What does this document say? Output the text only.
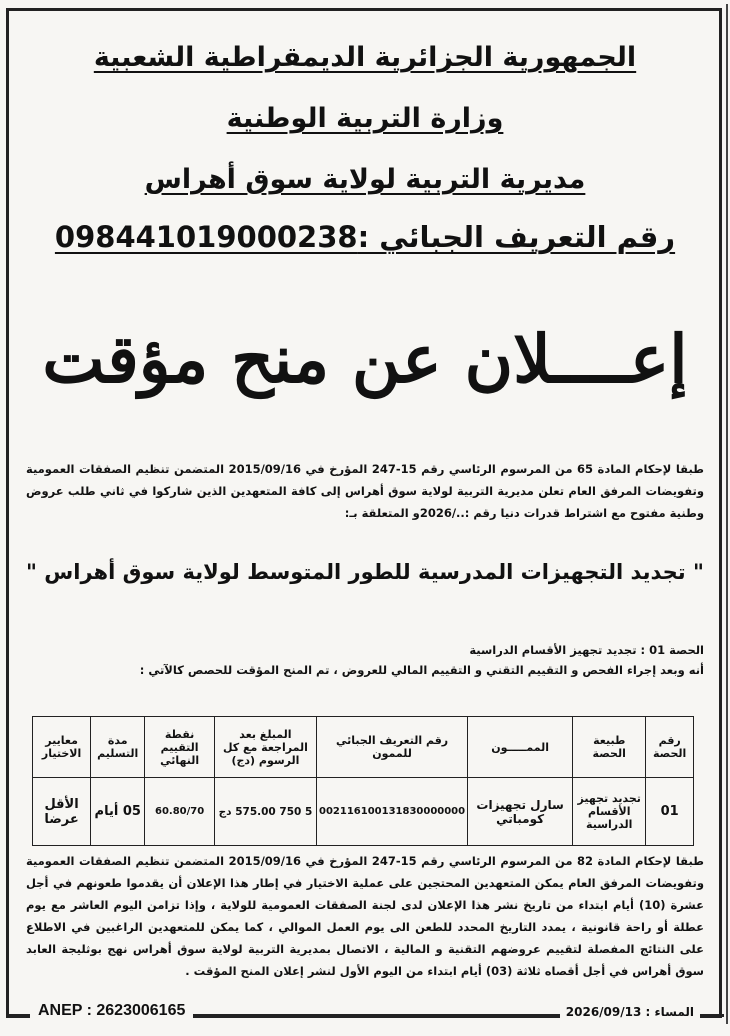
الجمهورية الجزائرية الديمقراطية الشعبية
وزارة التربية الوطنية
مديرية التربية لولاية سوق أهراس
رقم التعريف الجبائي :098441019000238
إعــــلان عن منح مؤقت
طبقا لإحكام المادة 65 من المرسوم الرئاسي رقم 15-247 المؤرخ في 2015/09/16 المتضمن تنظيم الصفقات العمومية وتفويضات المرفق العام تعلن مديرية التربية لولاية سوق أهراس إلى كافة المتعهدين الذين شاركوا في ثاني طلب عروض وطنية مفتوح مع اشتراط قدرات دنيا رقم :../2026و المتعلقة بـ:
" تجديد التجهيزات المدرسية للطور المتوسط لولاية سوق أهراس "
الحصة 01 : تجديد تجهيز الأقسام الدراسية
أنه وبعد إجراء الفحص و التقييم التقني و التقييم المالي للعروض ، تم المنح المؤقت للحصص كالآتي :
رقم الحصة	طبيعة الحصة	الممـــــون	رقم التعريف الجبائي للممون	المبلغ بعد المراجعة مع كل الرسوم (دج)	نقطة التقييم النهائي	مدة التسليم	معايير الاختيار
01	تجديد تجهيز الأقسام الدراسية	سارل تجهيزات كومباتي	002116100131830000000	5 750 575.00 دج	60.80/70	05 أيام	الأقل عرضا
طبقا لإحكام المادة 82 من المرسوم الرئاسي رقم 15-247 المؤرخ في 2015/09/16 المتضمن تنظيم الصفقات العمومية وتفويضات المرفق العام يمكن المتعهدين المحتجين على عملية الاختيار في إطار هذا الإعلان أن يقدموا طعونهم في أجل عشرة (10) أيام ابتداء من تاريخ نشر هذا الإعلان لدى لجنة الصفقات العمومية للولاية ، وإذا تزامن اليوم العاشر مع يوم عطلة أو راحة قانونية ، يمدد التاريخ المحدد للطعن الى يوم العمل الموالي ، كما يمكن للمتعهدين الراغبين في الاطلاع على النتائج المفصلة لتقييم عروضهم التقنية و المالية ، الاتصال بمديرية التربية لولاية سوق أهراس نهج بوثليجة العابد سوق أهراس في أجل أقصاه ثلاثة (03) أيام ابتداء من اليوم الأول لنشر إعلان المنح المؤقت .
ANEP : 2623006165	المساء : 2026/09/13
